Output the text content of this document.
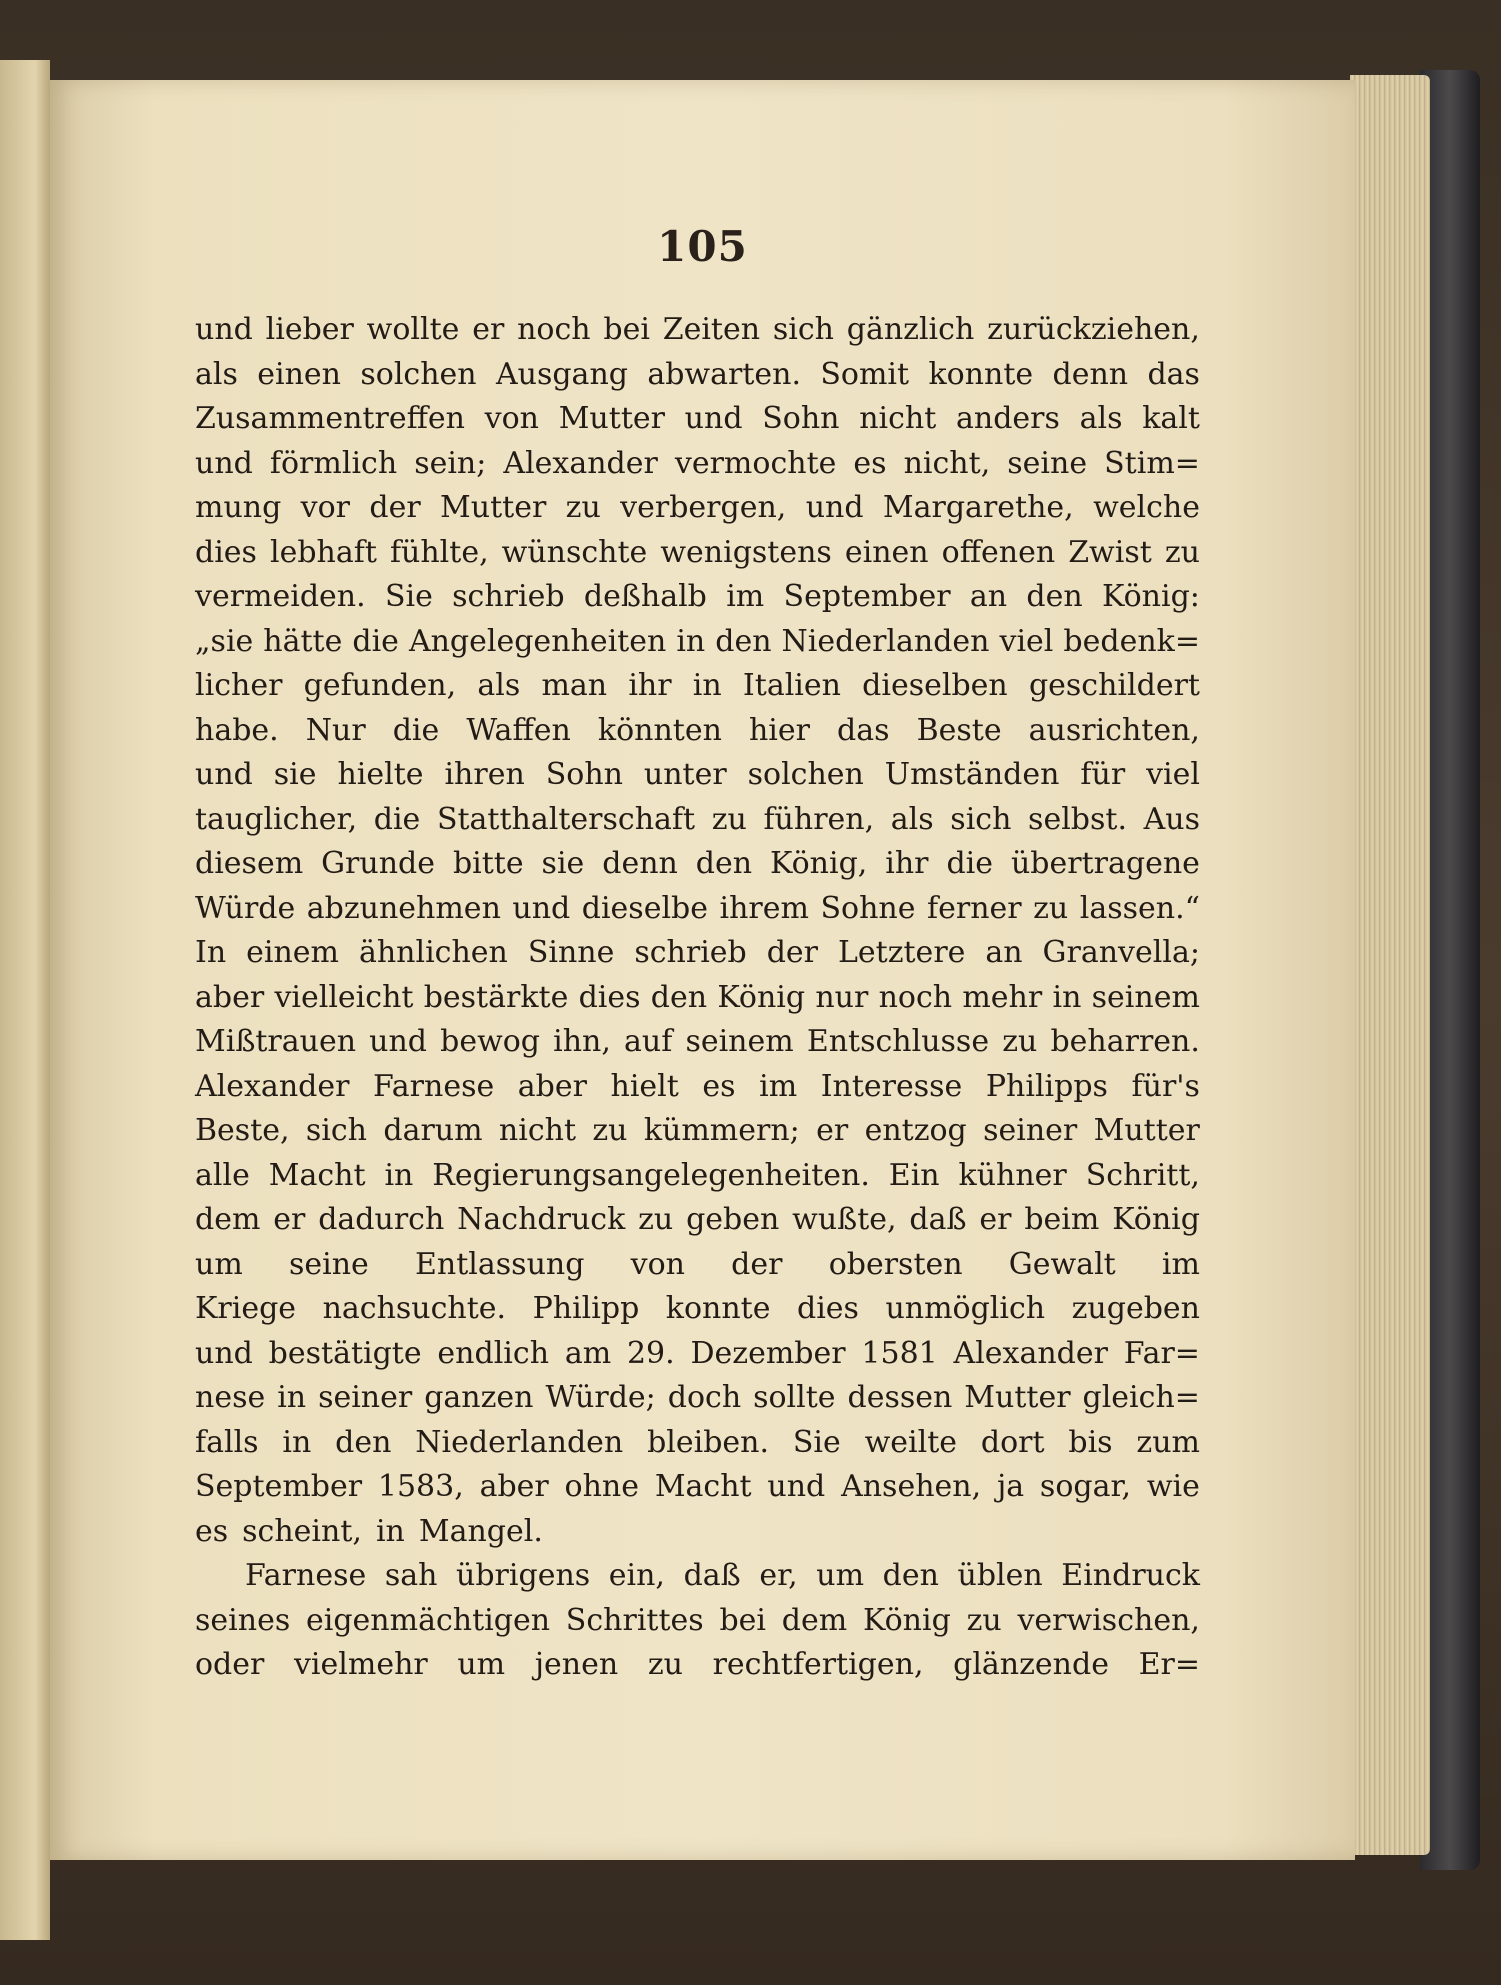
105
und lieber wollte er noch bei Zeiten sich gänzlich zurückziehen,
als einen solchen Ausgang abwarten. Somit konnte denn das
Zusammentreffen von Mutter und Sohn nicht anders als kalt
und förmlich sein; Alexander vermochte es nicht, seine Stim=
mung vor der Mutter zu verbergen, und Margarethe, welche
dies lebhaft fühlte, wünschte wenigstens einen offenen Zwist zu
vermeiden. Sie schrieb deßhalb im September an den König:
„sie hätte die Angelegenheiten in den Niederlanden viel bedenk=
licher gefunden, als man ihr in Italien dieselben geschildert
habe. Nur die Waffen könnten hier das Beste ausrichten,
und sie hielte ihren Sohn unter solchen Umständen für viel
tauglicher, die Statthalterschaft zu führen, als sich selbst. Aus
diesem Grunde bitte sie denn den König, ihr die übertragene
Würde abzunehmen und dieselbe ihrem Sohne ferner zu lassen.“
In einem ähnlichen Sinne schrieb der Letztere an Granvella;
aber vielleicht bestärkte dies den König nur noch mehr in seinem
Mißtrauen und bewog ihn, auf seinem Entschlusse zu beharren.
Alexander Farnese aber hielt es im Interesse Philipps für's
Beste, sich darum nicht zu kümmern; er entzog seiner Mutter
alle Macht in Regierungsangelegenheiten. Ein kühner Schritt,
dem er dadurch Nachdruck zu geben wußte, daß er beim König
um seine Entlassung von der obersten Gewalt im
Kriege nachsuchte. Philipp konnte dies unmöglich zugeben
und bestätigte endlich am 29. Dezember 1581 Alexander Far=
nese in seiner ganzen Würde; doch sollte dessen Mutter gleich=
falls in den Niederlanden bleiben. Sie weilte dort bis zum
September 1583, aber ohne Macht und Ansehen, ja sogar, wie
es scheint, in Mangel.
Farnese sah übrigens ein, daß er, um den üblen Eindruck
seines eigenmächtigen Schrittes bei dem König zu verwischen,
oder vielmehr um jenen zu rechtfertigen, glänzende Er=
